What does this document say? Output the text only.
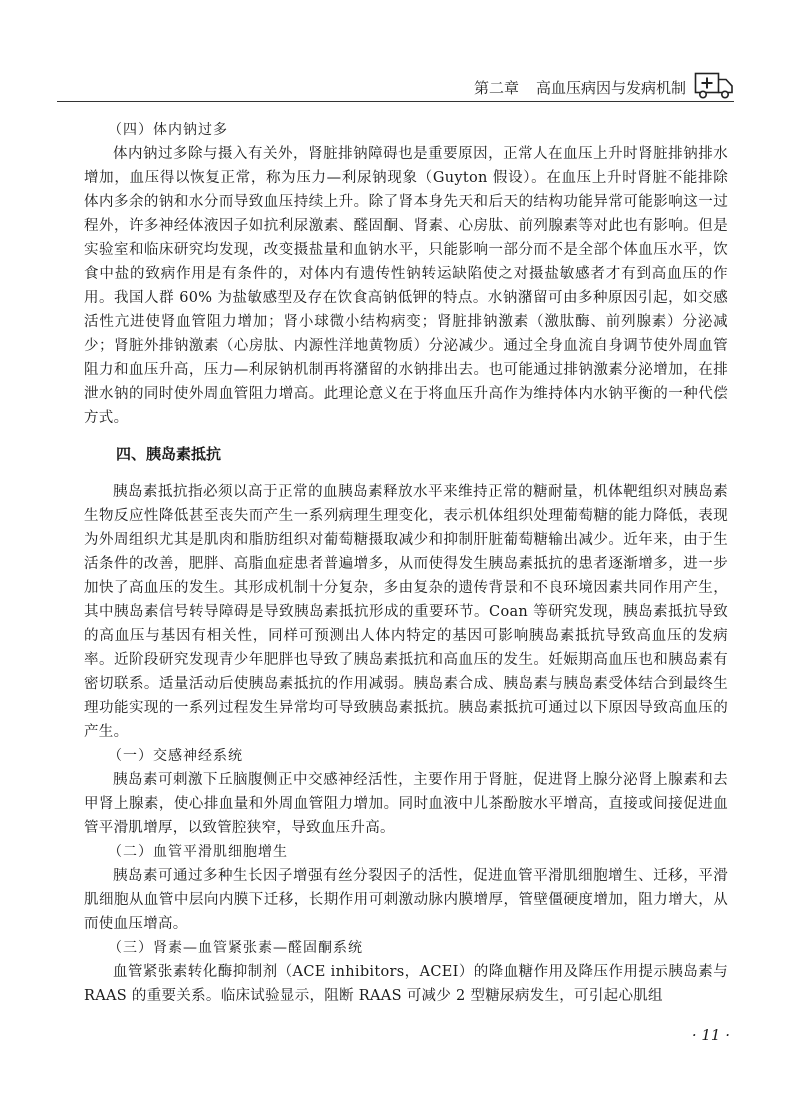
第二章 高血压病因与发病机制

（四）体内钠过多

体内钠过多除与摄入有关外，肾脏排钠障碍也是重要原因，正常人在血压上升时肾脏排钠排水增加，血压得以恢复正常，称为压力—利尿钠现象（Guyton 假设）。在血压上升时肾脏不能排除体内多余的钠和水分而导致血压持续上升。除了肾本身先天和后天的结构功能异常可能影响这一过程外，许多神经体液因子如抗利尿激素、醛固酮、肾素、心房肽、前列腺素等对此也有影响。但是实验室和临床研究均发现，改变摄盐量和血钠水平，只能影响一部分而不是全部个体血压水平，饮食中盐的致病作用是有条件的，对体内有遗传性钠转运缺陷使之对摄盐敏感者才有到高血压的作用。我国人群 60% 为盐敏感型及存在饮食高钠低钾的特点。水钠潴留可由多种原因引起，如交感活性亢进使肾血管阻力增加；肾小球微小结构病变；肾脏排钠激素（激肽酶、前列腺素）分泌减少；肾脏外排钠激素（心房肽、内源性洋地黄物质）分泌减少。通过全身血流自身调节使外周血管阻力和血压升高，压力—利尿钠机制再将潴留的水钠排出去。也可能通过排钠激素分泌增加，在排泄水钠的同时使外周血管阻力增高。此理论意义在于将血压升高作为维持体内水钠平衡的一种代偿方式。

四、胰岛素抵抗

胰岛素抵抗指必须以高于正常的血胰岛素释放水平来维持正常的糖耐量，机体靶组织对胰岛素生物反应性降低甚至丧失而产生一系列病理生理变化，表示机体组织处理葡萄糖的能力降低，表现为外周组织尤其是肌肉和脂肪组织对葡萄糖摄取减少和抑制肝脏葡萄糖输出减少。近年来，由于生活条件的改善，肥胖、高脂血症患者普遍增多，从而使得发生胰岛素抵抗的患者逐渐增多，进一步加快了高血压的发生。其形成机制十分复杂，多由复杂的遗传背景和不良环境因素共同作用产生，其中胰岛素信号转导障碍是导致胰岛素抵抗形成的重要环节。Coan 等研究发现，胰岛素抵抗导致的高血压与基因有相关性，同样可预测出人体内特定的基因可影响胰岛素抵抗导致高血压的发病率。近阶段研究发现青少年肥胖也导致了胰岛素抵抗和高血压的发生。妊娠期高血压也和胰岛素有密切联系。适量活动后使胰岛素抵抗的作用减弱。胰岛素合成、胰岛素与胰岛素受体结合到最终生理功能实现的一系列过程发生异常均可导致胰岛素抵抗。胰岛素抵抗可通过以下原因导致高血压的产生。

（一）交感神经系统

胰岛素可刺激下丘脑腹侧正中交感神经活性，主要作用于肾脏，促进肾上腺分泌肾上腺素和去甲肾上腺素，使心排血量和外周血管阻力增加。同时血液中儿茶酚胺水平增高，直接或间接促进血管平滑肌增厚，以致管腔狭窄，导致血压升高。

（二）血管平滑肌细胞增生

胰岛素可通过多种生长因子增强有丝分裂因子的活性，促进血管平滑肌细胞增生、迁移，平滑肌细胞从血管中层向内膜下迁移，长期作用可刺激动脉内膜增厚，管壁僵硬度增加，阻力增大，从而使血压增高。

（三）肾素—血管紧张素—醛固酮系统

血管紧张素转化酶抑制剂（ACE inhibitors，ACEI）的降血糖作用及降压作用提示胰岛素与 RAAS 的重要关系。临床试验显示，阻断 RAAS 可减少 2 型糖尿病发生，可引起心肌组

· 11 ·
